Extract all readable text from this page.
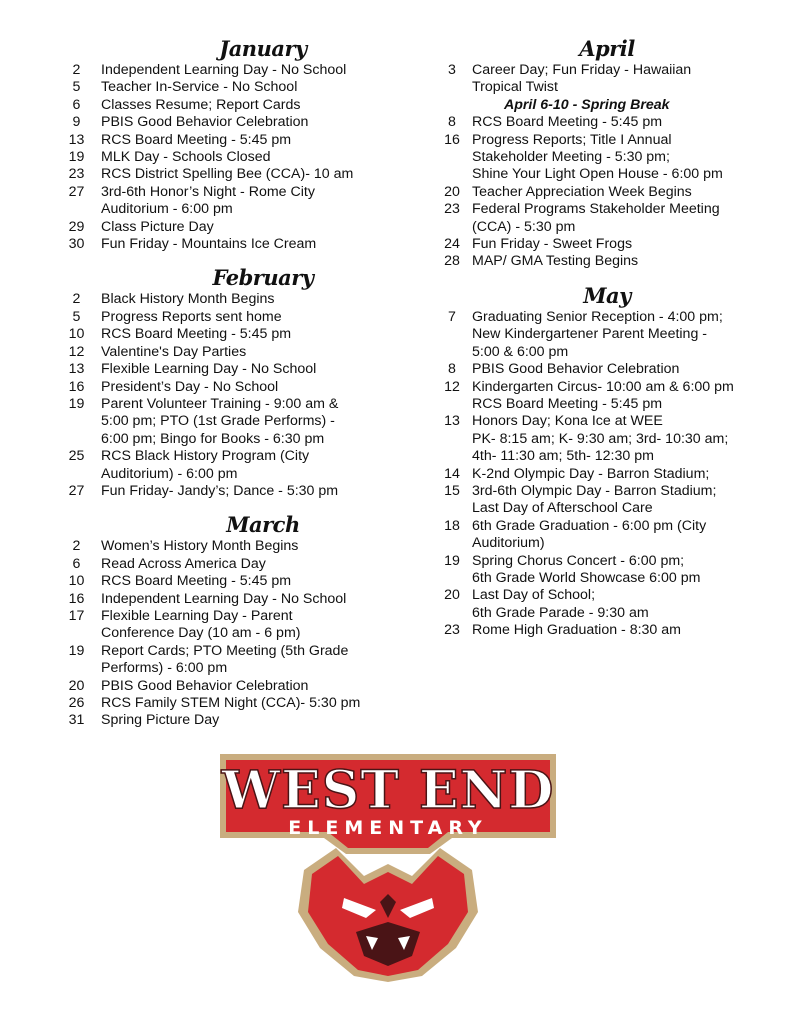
January
2	Independent Learning Day - No School
5	Teacher In-Service - No School
6	Classes Resume; Report Cards
9	PBIS Good Behavior Celebration
13	RCS Board Meeting - 5:45 pm
19	MLK Day - Schools Closed
23	RCS District Spelling Bee (CCA)- 10 am
27	3rd-6th Honor’s Night - Rome City
Auditorium - 6:00 pm
29	Class Picture Day
30	Fun Friday - Mountains Ice Cream
February
2	Black History Month Begins
5	Progress Reports sent home
10	RCS Board Meeting - 5:45 pm
12	Valentine's Day Parties
13	Flexible Learning Day - No School
16	President’s Day - No School
19	Parent Volunteer Training - 9:00 am &
5:00 pm; PTO (1st Grade Performs) -
6:00 pm; Bingo for Books - 6:30 pm
25	RCS Black History Program (City
Auditorium) - 6:00 pm
27	Fun Friday- Jandy’s; Dance - 5:30 pm
March
2	Women’s History Month Begins
6	Read Across America Day
10	RCS Board Meeting - 5:45 pm
16	Independent Learning Day - No School
17	Flexible Learning Day - Parent
Conference Day (10 am - 6 pm)
19	Report Cards; PTO Meeting (5th Grade
Performs) - 6:00 pm
20	PBIS Good Behavior Celebration
26	RCS Family STEM Night (CCA)- 5:30 pm
31	Spring Picture Day
April
3	Career Day; Fun Friday - Hawaiian
Tropical Twist
April 6-10 - Spring Break
8	RCS Board Meeting - 5:45 pm
16 Progress Reports; Title I Annual
Stakeholder Meeting - 5:30 pm;
Shine Your Light Open House - 6:00 pm
20 Teacher Appreciation Week Begins
23 Federal Programs Stakeholder Meeting
(CCA) - 5:30 pm
24 Fun Friday - Sweet Frogs
28 MAP/ GMA Testing Begins
May
7	Graduating Senior Reception - 4:00 pm;
New Kindergartener Parent Meeting -
5:00 & 6:00 pm
8	PBIS Good Behavior Celebration
12 Kindergarten Circus- 10:00 am & 6:00 pm
RCS Board Meeting - 5:45 pm
13 Honors Day; Kona Ice at WEE
PK- 8:15 am; K- 9:30 am; 3rd- 10:30 am;
4th- 11:30 am; 5th- 12:30 pm
14 K-2nd Olympic Day - Barron Stadium;
15 3rd-6th Olympic Day - Barron Stadium;
Last Day of Afterschool Care
18 6th Grade Graduation - 6:00 pm (City
Auditorium)
19 Spring Chorus Concert - 6:00 pm;
6th Grade World Showcase 6:00 pm
20 Last Day of School;
6th Grade Parade - 9:30 am
23 Rome High Graduation - 8:30 am
WEST END
ELEMENTARY
